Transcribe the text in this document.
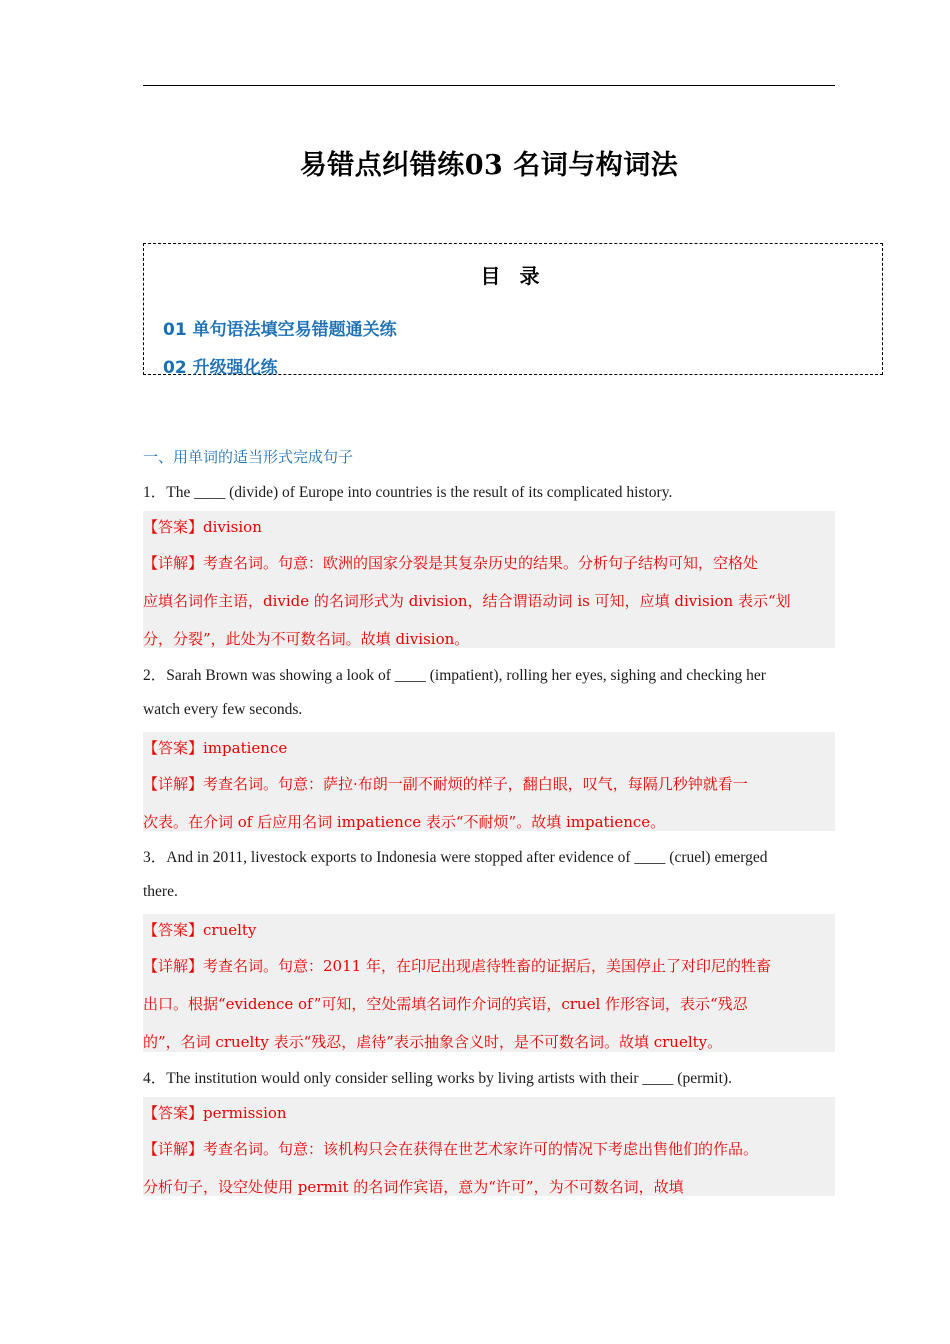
易错点纠错练03 名词与构词法
目 录
01 单句语法填空易错题通关练
02 升级强化练
一、用单词的适当形式完成句子
1．The ____ (divide) of Europe into countries is the result of its complicated history.
【答案】division
【详解】考查名词。句意：欧洲的国家分裂是其复杂历史的结果。分析句子结构可知，空格处
应填名词作主语，divide 的名词形式为 division，结合谓语动词 is 可知，应填 division 表示“划
分，分裂”，此处为不可数名词。故填 division。
2．Sarah Brown was showing a look of ____ (impatient), rolling her eyes, sighing and checking her
watch every few seconds.
【答案】impatience
【详解】考查名词。句意：萨拉·布朗一副不耐烦的样子，翻白眼，叹气，每隔几秒钟就看一
次表。在介词 of 后应用名词 impatience 表示“不耐烦”。故填 impatience。
3．And in 2011, livestock exports to Indonesia were stopped after evidence of ____ (cruel) emerged
there.
【答案】cruelty
【详解】考查名词。句意：2011 年，在印尼出现虐待牲畜的证据后，美国停止了对印尼的牲畜
出口。根据“evidence of”可知，空处需填名词作介词的宾语，cruel 作形容词，表示“残忍
的”，名词 cruelty 表示“残忍，虐待”表示抽象含义时，是不可数名词。故填 cruelty。
4．The institution would only consider selling works by living artists with their ____ (permit).
【答案】permission
【详解】考查名词。句意：该机构只会在获得在世艺术家许可的情况下考虑出售他们的作品。
分析句子，设空处使用 permit 的名词作宾语，意为“许可”，为不可数名词，故填
